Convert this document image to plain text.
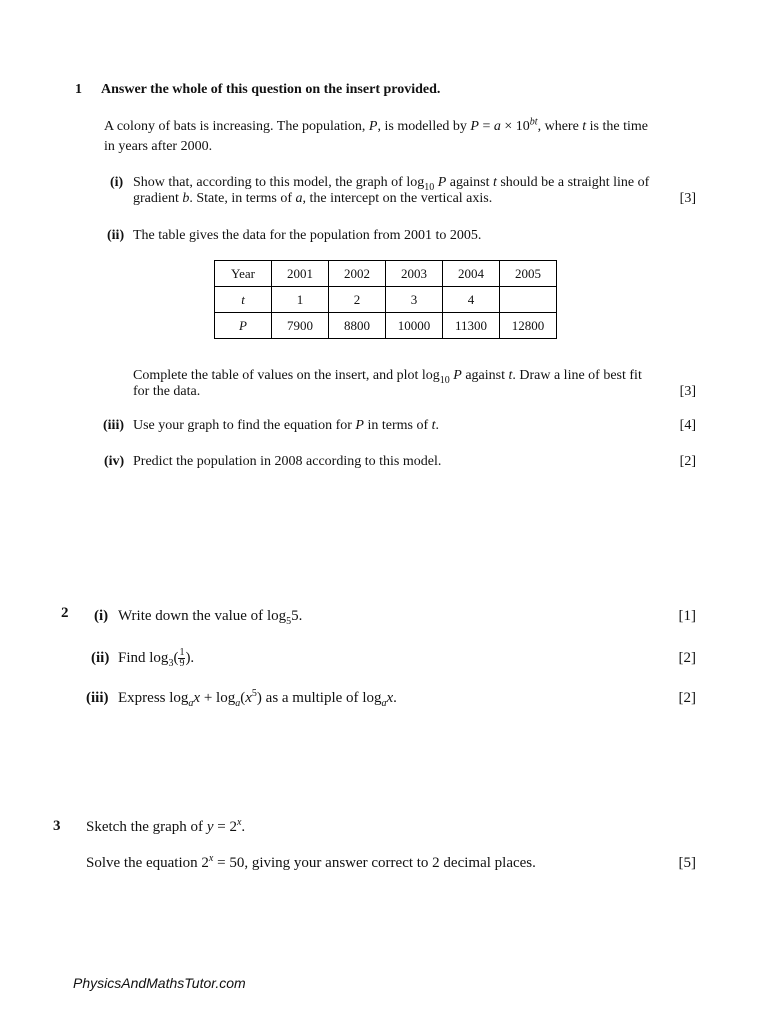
1 Answer the whole of this question on the insert provided.
A colony of bats is increasing. The population, P, is modelled by $P = a \times 10^{bt}$, where t is the time
in years after 2000.
(i) Show that, according to this model, the graph of $\log_{10} P$ against t should be a straight line of
gradient b. State, in terms of a, the intercept on the vertical axis.	[3]
(ii) The table gives the data for the population from 2001 to 2005.
Year	2001	2002	2003	2004	2005
t	1	2	3	4	
P	7900	8800	10000	11300	12800
Complete the table of values on the insert, and plot $\log_{10} P$ against t. Draw a line of best fit
for the data.	[3]
(iii) Use your graph to find the equation for P in terms of t.	[4]
(iv) Predict the population in 2008 according to this model.	[2]
2 (i) Write down the value of $\log_55$.	[1]
(ii) Find $\log_3( \frac{1}{9}$ ).	[2]
(iii) Express $\log_ax + \log_a(x^5)$ as a multiple of $\log_ax$.	[2]
3 Sketch the graph of $y = 2^x$.
Solve the equation $2^x = 50$, giving your answer correct to 2 decimal places.	[5]
PhysicsAndMathsTutor.com
